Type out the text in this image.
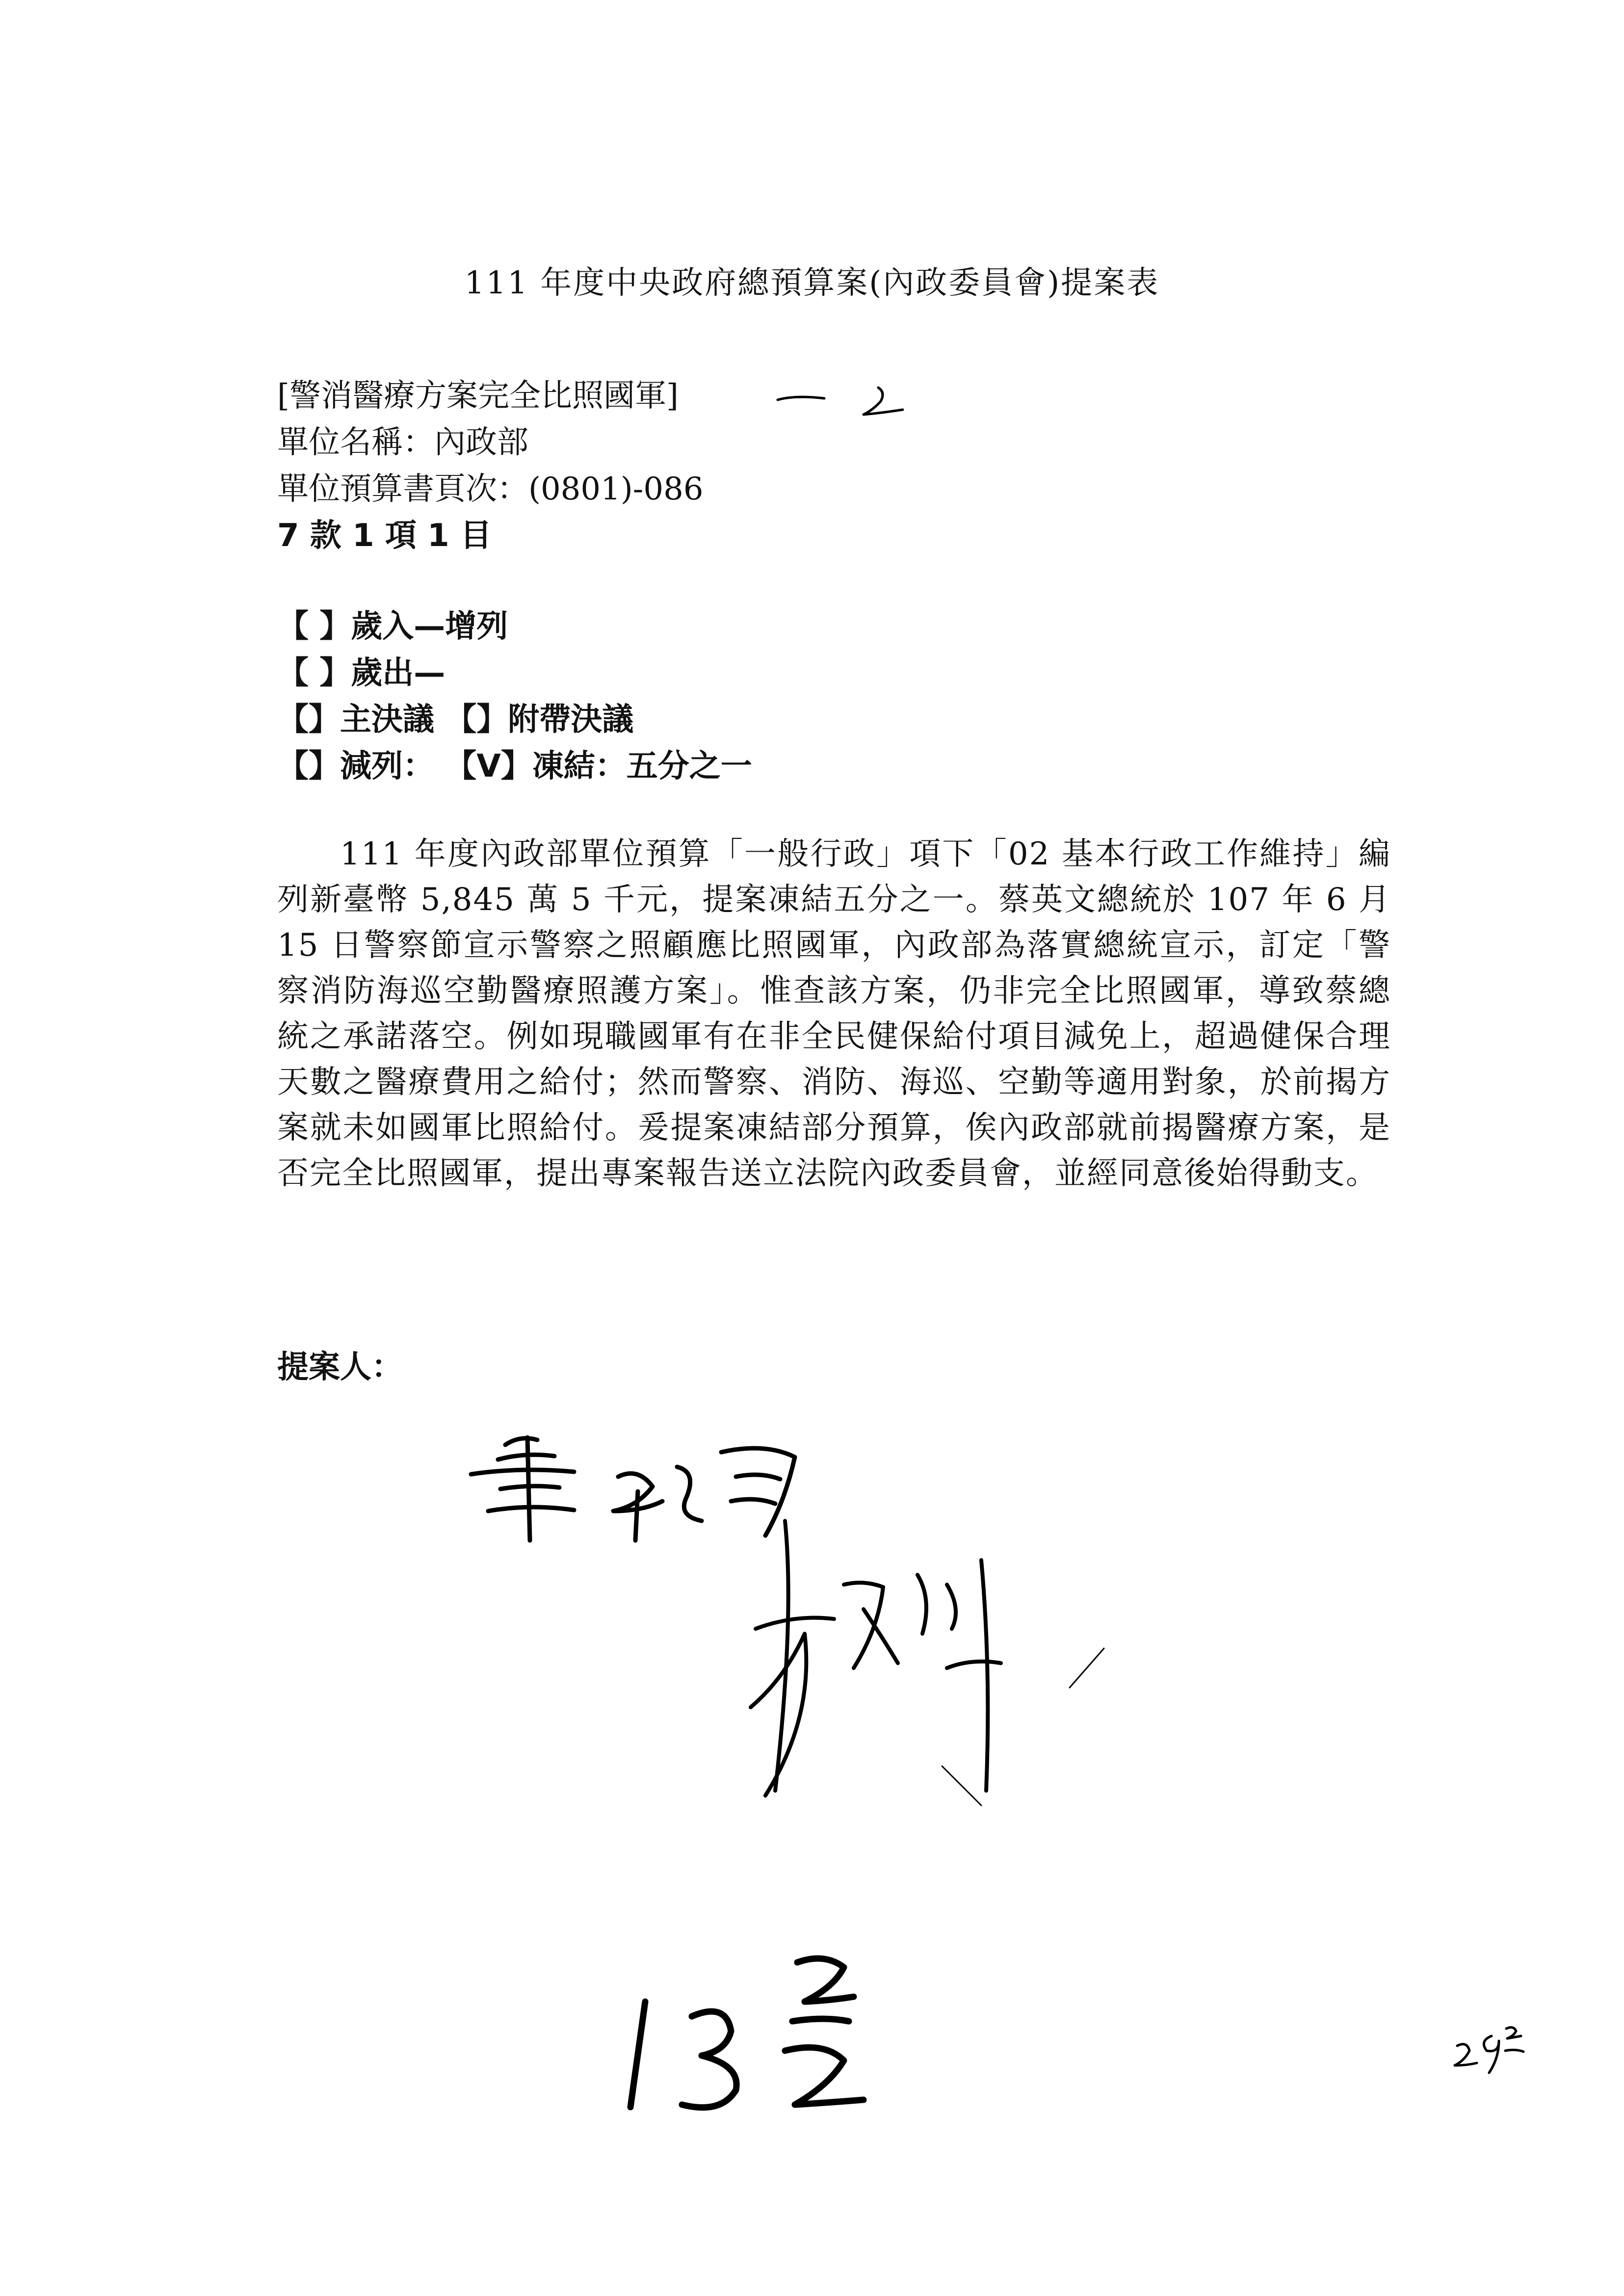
111 年度中央政府總預算案(內政委員會)提案表
[警消醫療方案完全比照國軍]
單位名稱：內政部
單位預算書頁次：(0801)-086
7 款 1 項 1 目
【 】歲入—增列
【 】歲出—
【】主決議 【】附帶決議
【】減列： 【V】凍結：五分之一
111 年度內政部單位預算「一般行政」項下「02 基本行政工作維持」編列新臺幣 5,845 萬 5 千元，提案凍結五分之一。蔡英文總統於 107 年 6 月 15 日警察節宣示警察之照顧應比照國軍，內政部為落實總統宣示，訂定「警察消防海巡空勤醫療照護方案」。惟查該方案，仍非完全比照國軍，導致蔡總統之承諾落空。例如現職國軍有在非全民健保給付項目減免上，超過健保合理天數之醫療費用之給付；然而警察、消防、海巡、空勤等適用對象，於前揭方案就未如國軍比照給付。爰提案凍結部分預算，俟內政部就前揭醫療方案，是否完全比照國軍，提出專案報告送立法院內政委員會，並經同意後始得動支。
提案人：
